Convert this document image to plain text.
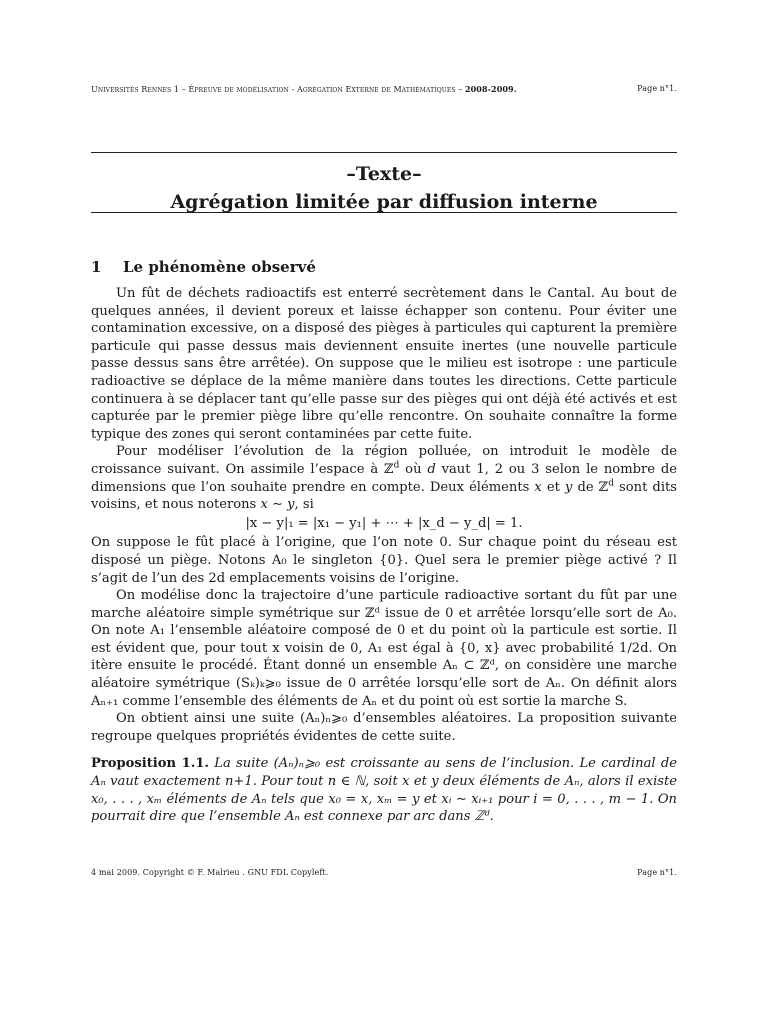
Universités Rennes 1 – Épreuve de modélisation - Agrégation Externe de Mathématiques – 2008-2009.	Page n°1.
–Texte–
Agrégation limitée par diffusion interne
1 Le phénomène observé

Un fût de déchets radioactifs est enterré secrètement dans le Cantal. Au bout de quelques années, il devient poreux et laisse échapper son contenu. Pour éviter une contamination excessive, on a disposé des pièges à particules qui capturent la première particule qui passe dessus mais deviennent ensuite inertes (une nouvelle particule passe dessus sans être arrêtée). On suppose que le milieu est isotrope : une particule radioactive se déplace de la même manière dans toutes les directions. Cette particule continuera à se déplacer tant qu’elle passe sur des pièges qui ont déjà été activés et est capturée par le premier piège libre qu’elle rencontre. On souhaite connaître la forme typique des zones qui seront contaminées par cette fuite.

Pour modéliser l’évolution de la région polluée, on introduit le modèle de croissance suivant. On assimile l’espace à ℤ$^d$ où d vaut 1, 2 ou 3 selon le nombre de dimensions que l’on souhaite prendre en compte. Deux éléments x et y de ℤ$^d$ sont dits voisins, et nous noterons x ∼ y, si

|x − y|₁ = |x₁ − y₁| + ⋯ + |x_d − y_d| = 1.

On suppose le fût placé à l’origine, que l’on note 0. Sur chaque point du réseau est disposé un piège. Notons A₀ le singleton {0}. Quel sera le premier piège activé ? Il s’agit de l’un des 2d emplacements voisins de l’origine.

On modélise donc la trajectoire d’une particule radioactive sortant du fût par une marche aléatoire simple symétrique sur ℤᵈ issue de 0 et arrêtée lorsqu’elle sort de A₀. On note A₁ l’ensemble aléatoire composé de 0 et du point où la particule est sortie. Il est évident que, pour tout x voisin de 0, A₁ est égal à {0, x} avec probabilité 1/2d. On itère ensuite le procédé. Étant donné un ensemble Aₙ ⊂ ℤᵈ, on considère une marche aléatoire symétrique (Sₖ)ₖ⩾₀ issue de 0 arrêtée lorsqu’elle sort de Aₙ. On définit alors Aₙ₊₁ comme l’ensemble des éléments de Aₙ et du point où est sortie la marche S.

On obtient ainsi une suite (Aₙ)ₙ⩾₀ d’ensembles aléatoires. La proposition suivante regroupe quelques propriétés évidentes de cette suite.

Proposition 1.1. La suite (Aₙ)ₙ⩾₀ est croissante au sens de l’inclusion. Le cardinal de Aₙ vaut exactement n+1. Pour tout n ∈ ℕ, soit x et y deux éléments de Aₙ, alors il existe x₀, . . . , xₘ éléments de Aₙ tels que x₀ = x, xₘ = y et xᵢ ∼ xᵢ₊₁ pour i = 0, . . . , m − 1. On pourrait dire que l’ensemble Aₙ est connexe par arc dans ℤᵈ.

4 mai 2009. Copyright © F. Malrieu . GNU FDL Copyleft.	Page n°1.
